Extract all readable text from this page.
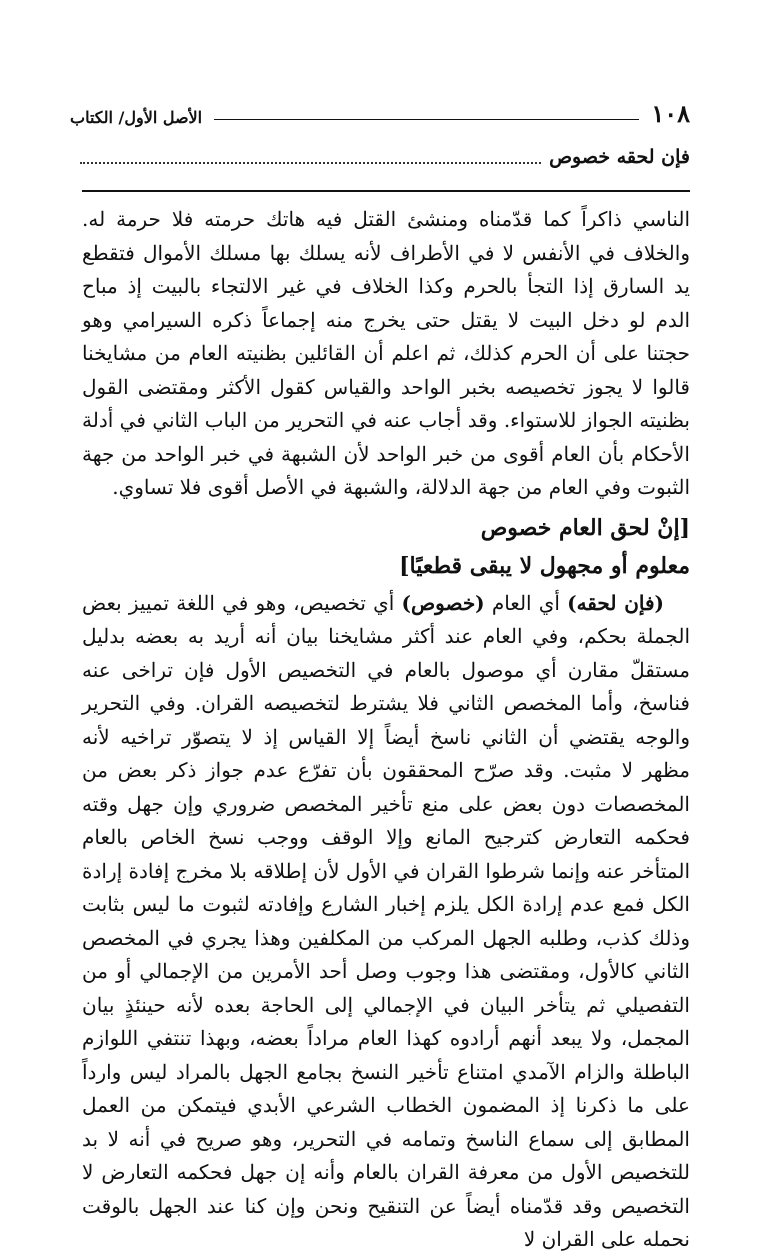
١٠٨
الأصل الأول/ الكتاب
فإن لحقه خصوص

الناسي ذاكراً كما قدّمناه ومنشئ القتل فيه هاتك حرمته فلا حرمة له. والخلاف في الأنفس لا في الأطراف لأنه يسلك بها مسلك الأموال فتقطع يد السارق إذا التجأ بالحرم وكذا الخلاف في غير الالتجاء بالبيت إذ مباح الدم لو دخل البيت لا يقتل حتى يخرج منه إجماعاً ذكره السيرامي وهو حجتنا على أن الحرم كذلك، ثم اعلم أن القائلين بظنيته العام من مشايخنا قالوا لا يجوز تخصيصه بخبر الواحد والقياس كقول الأكثر ومقتضى القول بظنيته الجواز للاستواء. وقد أجاب عنه في التحرير من الباب الثاني في أدلة الأحكام بأن العام أقوى من خبر الواحد لأن الشبهة في خبر الواحد من جهة الثبوت وفي العام من جهة الدلالة، والشبهة في الأصل أقوى فلا تساوي.

[إنْ لحق العام خصوص
معلوم أو مجهول لا يبقى قطعيًا]

(فإن لحقه) أي العام (خصوص) أي تخصيص، وهو في اللغة تمييز بعض الجملة بحكم، وفي العام عند أكثر مشايخنا بيان أنه أريد به بعضه بدليل مستقلّ مقارن أي موصول بالعام في التخصيص الأول فإن تراخى عنه فناسخ، وأما المخصص الثاني فلا يشترط لتخصيصه القران. وفي التحرير والوجه يقتضي أن الثاني ناسخ أيضاً إلا القياس إذ لا يتصوّر تراخيه لأنه مظهر لا مثبت. وقد صرّح المحققون بأن تفرّع عدم جواز ذكر بعض من المخصصات دون بعض على منع تأخير المخصص ضروري وإن جهل وقته فحكمه التعارض كترجيح المانع وإلا الوقف ووجب نسخ الخاص بالعام المتأخر عنه وإنما شرطوا القران في الأول لأن إطلاقه بلا مخرج إفادة إرادة الكل فمع عدم إرادة الكل يلزم إخبار الشارع وإفادته لثبوت ما ليس بثابت وذلك كذب، وطلبه الجهل المركب من المكلفين وهذا يجري في المخصص الثاني كالأول، ومقتضى هذا وجوب وصل أحد الأمرين من الإجمالي أو من التفصيلي ثم يتأخر البيان في الإجمالي إلى الحاجة بعده لأنه حينئذٍ بيان المجمل، ولا يبعد أنهم أرادوه كهذا العام مراداً بعضه، وبهذا تنتفي اللوازم الباطلة والزام الآمدي امتناع تأخير النسخ بجامع الجهل بالمراد ليس وارداً على ما ذكرنا إذ المضمون الخطاب الشرعي الأبدي فيتمكن من العمل المطابق إلى سماع الناسخ وتمامه في التحرير، وهو صريح في أنه لا بد للتخصيص الأول من معرفة القران بالعام وأنه إن جهل فحكمه التعارض لا التخصيص وقد قدّمناه أيضاً عن التنقيح ونحن وإن كنا عند الجهل بالوقت نحمله على القران لا
